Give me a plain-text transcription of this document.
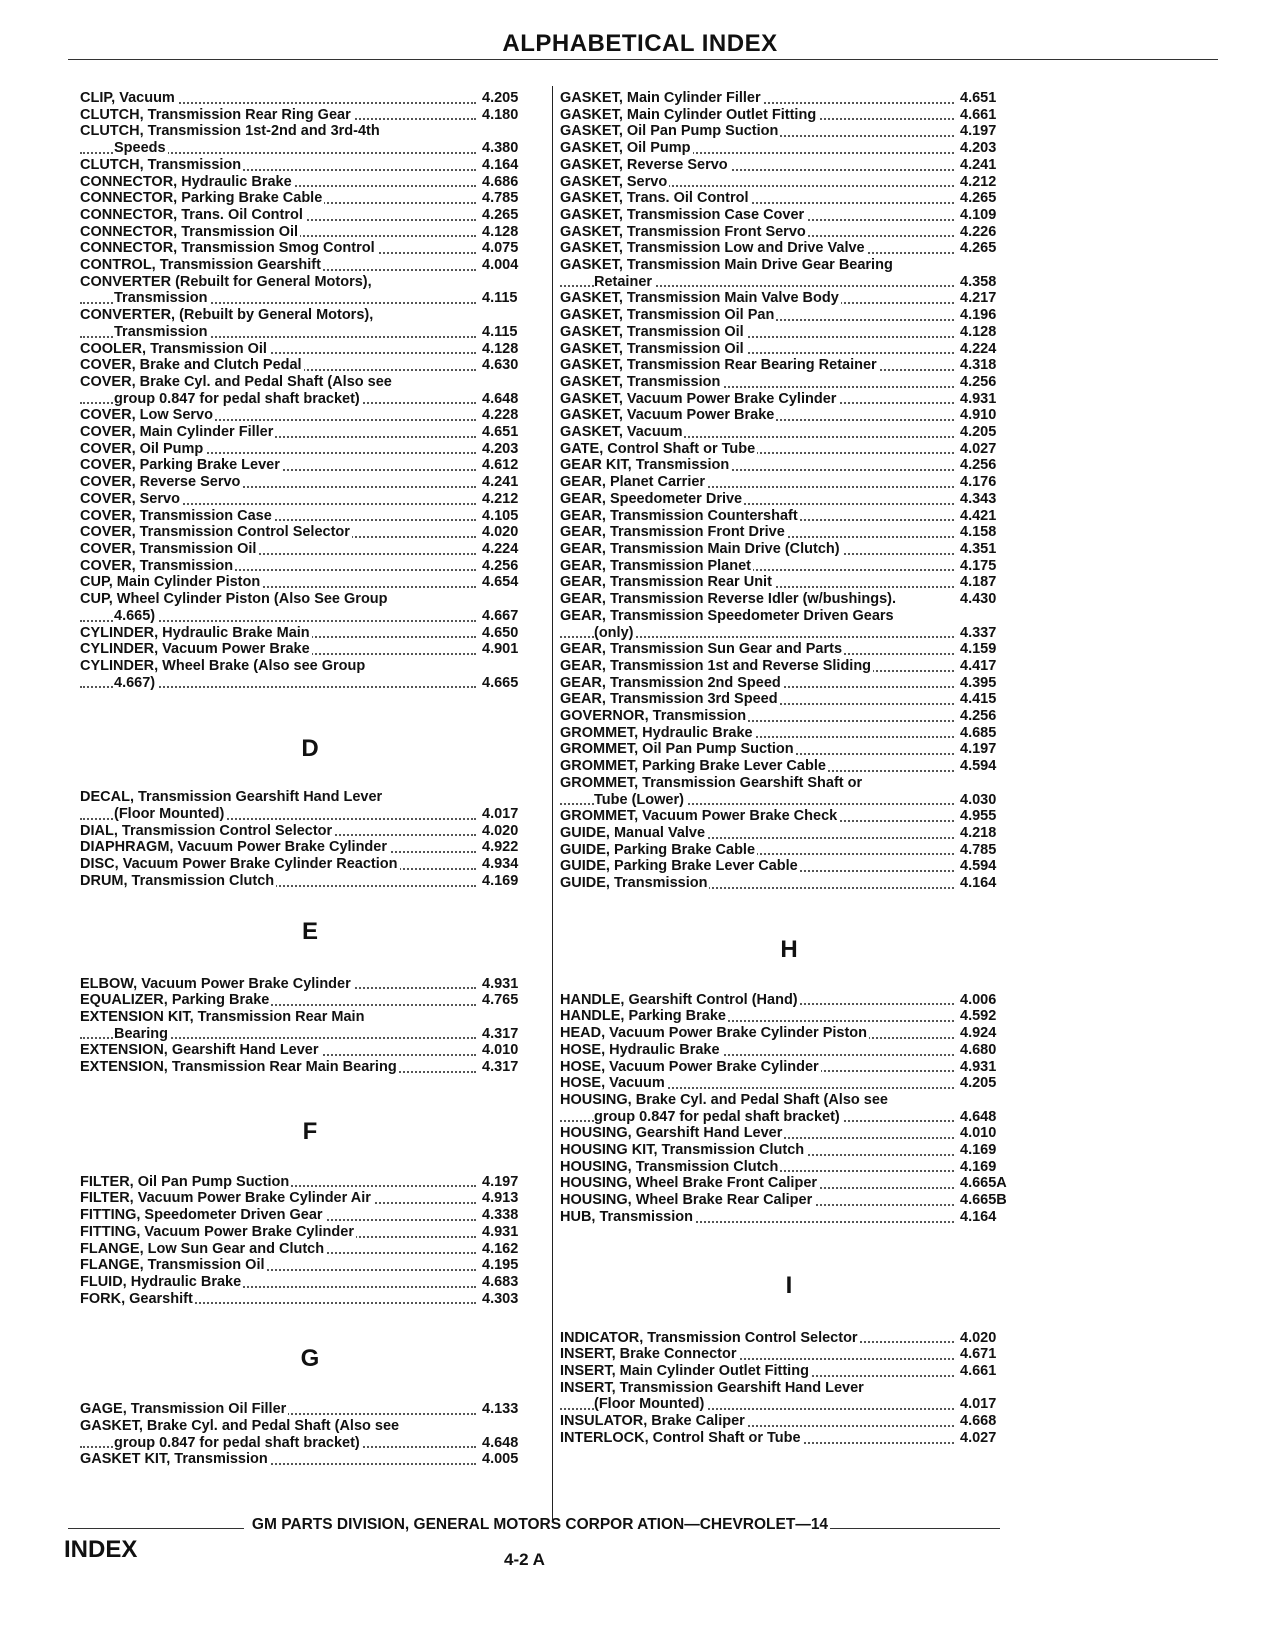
ALPHABETICAL INDEX
CLIP, Vacuum	4.205
CLUTCH, Transmission Rear Ring Gear	4.180
CLUTCH, Transmission 1st-2nd and 3rd-4th
Speeds	4.380
CLUTCH, Transmission	4.164
CONNECTOR, Hydraulic Brake	4.686
CONNECTOR, Parking Brake Cable	4.785
CONNECTOR, Trans. Oil Control	4.265
CONNECTOR, Transmission Oil	4.128
CONNECTOR, Transmission Smog Control	4.075
CONTROL, Transmission Gearshift	4.004
CONVERTER (Rebuilt for General Motors),
Transmission	4.115
CONVERTER, (Rebuilt by General Motors),
Transmission	4.115
COOLER, Transmission Oil	4.128
COVER, Brake and Clutch Pedal	4.630
COVER, Brake Cyl. and Pedal Shaft (Also see
group 0.847 for pedal shaft bracket)	4.648
COVER, Low Servo	4.228
COVER, Main Cylinder Filler	4.651
COVER, Oil Pump	4.203
COVER, Parking Brake Lever	4.612
COVER, Reverse Servo	4.241
COVER, Servo	4.212
COVER, Transmission Case	4.105
COVER, Transmission Control Selector	4.020
COVER, Transmission Oil	4.224
COVER, Transmission	4.256
CUP, Main Cylinder Piston	4.654
CUP, Wheel Cylinder Piston (Also See Group
4.665)	4.667
CYLINDER, Hydraulic Brake Main	4.650
CYLINDER, Vacuum Power Brake	4.901
CYLINDER, Wheel Brake (Also see Group
4.667)	4.665
D
DECAL, Transmission Gearshift Hand Lever
(Floor Mounted)	4.017
DIAL, Transmission Control Selector	4.020
DIAPHRAGM, Vacuum Power Brake Cylinder	4.922
DISC, Vacuum Power Brake Cylinder Reaction	4.934
DRUM, Transmission Clutch	4.169
E
ELBOW, Vacuum Power Brake Cylinder	4.931
EQUALIZER, Parking Brake	4.765
EXTENSION KIT, Transmission Rear Main
Bearing	4.317
EXTENSION, Gearshift Hand Lever	4.010
EXTENSION, Transmission Rear Main Bearing	4.317
F
FILTER, Oil Pan Pump Suction	4.197
FILTER, Vacuum Power Brake Cylinder Air	4.913
FITTING, Speedometer Driven Gear	4.338
FITTING, Vacuum Power Brake Cylinder	4.931
FLANGE, Low Sun Gear and Clutch	4.162
FLANGE, Transmission Oil	4.195
FLUID, Hydraulic Brake	4.683
FORK, Gearshift	4.303
G
GAGE, Transmission Oil Filler	4.133
GASKET, Brake Cyl. and Pedal Shaft (Also see
group 0.847 for pedal shaft bracket)	4.648
GASKET KIT, Transmission	4.005
GASKET, Main Cylinder Filler	4.651
GASKET, Main Cylinder Outlet Fitting	4.661
GASKET, Oil Pan Pump Suction	4.197
GASKET, Oil Pump	4.203
GASKET, Reverse Servo	4.241
GASKET, Servo	4.212
GASKET, Trans. Oil Control	4.265
GASKET, Transmission Case Cover	4.109
GASKET, Transmission Front Servo	4.226
GASKET, Transmission Low and Drive Valve	4.265
GASKET, Transmission Main Drive Gear Bearing
Retainer	4.358
GASKET, Transmission Main Valve Body	4.217
GASKET, Transmission Oil Pan	4.196
GASKET, Transmission Oil	4.128
GASKET, Transmission Oil	4.224
GASKET, Transmission Rear Bearing Retainer	4.318
GASKET, Transmission	4.256
GASKET, Vacuum Power Brake Cylinder	4.931
GASKET, Vacuum Power Brake	4.910
GASKET, Vacuum	4.205
GATE, Control Shaft or Tube	4.027
GEAR KIT, Transmission	4.256
GEAR, Planet Carrier	4.176
GEAR, Speedometer Drive	4.343
GEAR, Transmission Countershaft	4.421
GEAR, Transmission Front Drive	4.158
GEAR, Transmission Main Drive (Clutch)	4.351
GEAR, Transmission Planet	4.175
GEAR, Transmission Rear Unit	4.187
GEAR, Transmission Reverse Idler (w/bushings).	4.430
GEAR, Transmission Speedometer Driven Gears
(only)	4.337
GEAR, Transmission Sun Gear and Parts	4.159
GEAR, Transmission 1st and Reverse Sliding	4.417
GEAR, Transmission 2nd Speed	4.395
GEAR, Transmission 3rd Speed	4.415
GOVERNOR, Transmission	4.256
GROMMET, Hydraulic Brake	4.685
GROMMET, Oil Pan Pump Suction	4.197
GROMMET, Parking Brake Lever Cable	4.594
GROMMET, Transmission Gearshift Shaft or
Tube (Lower)	4.030
GROMMET, Vacuum Power Brake Check	4.955
GUIDE, Manual Valve	4.218
GUIDE, Parking Brake Cable	4.785
GUIDE, Parking Brake Lever Cable	4.594
GUIDE, Transmission	4.164
H
HANDLE, Gearshift Control (Hand)	4.006
HANDLE, Parking Brake	4.592
HEAD, Vacuum Power Brake Cylinder Piston	4.924
HOSE, Hydraulic Brake	4.680
HOSE, Vacuum Power Brake Cylinder	4.931
HOSE, Vacuum	4.205
HOUSING, Brake Cyl. and Pedal Shaft (Also see
group 0.847 for pedal shaft bracket)	4.648
HOUSING, Gearshift Hand Lever	4.010
HOUSING KIT, Transmission Clutch	4.169
HOUSING, Transmission Clutch	4.169
HOUSING, Wheel Brake Front Caliper	4.665A
HOUSING, Wheel Brake Rear Caliper	4.665B
HUB, Transmission	4.164
I
INDICATOR, Transmission Control Selector	4.020
INSERT, Brake Connector	4.671
INSERT, Main Cylinder Outlet Fitting	4.661
INSERT, Transmission Gearshift Hand Lever
(Floor Mounted)	4.017
INSULATOR, Brake Caliper	4.668
INTERLOCK, Control Shaft or Tube	4.027
GM PARTS DIVISION, GENERAL MOTORS CORPOR ATION—CHEVROLET—14
INDEX	4-2 A
